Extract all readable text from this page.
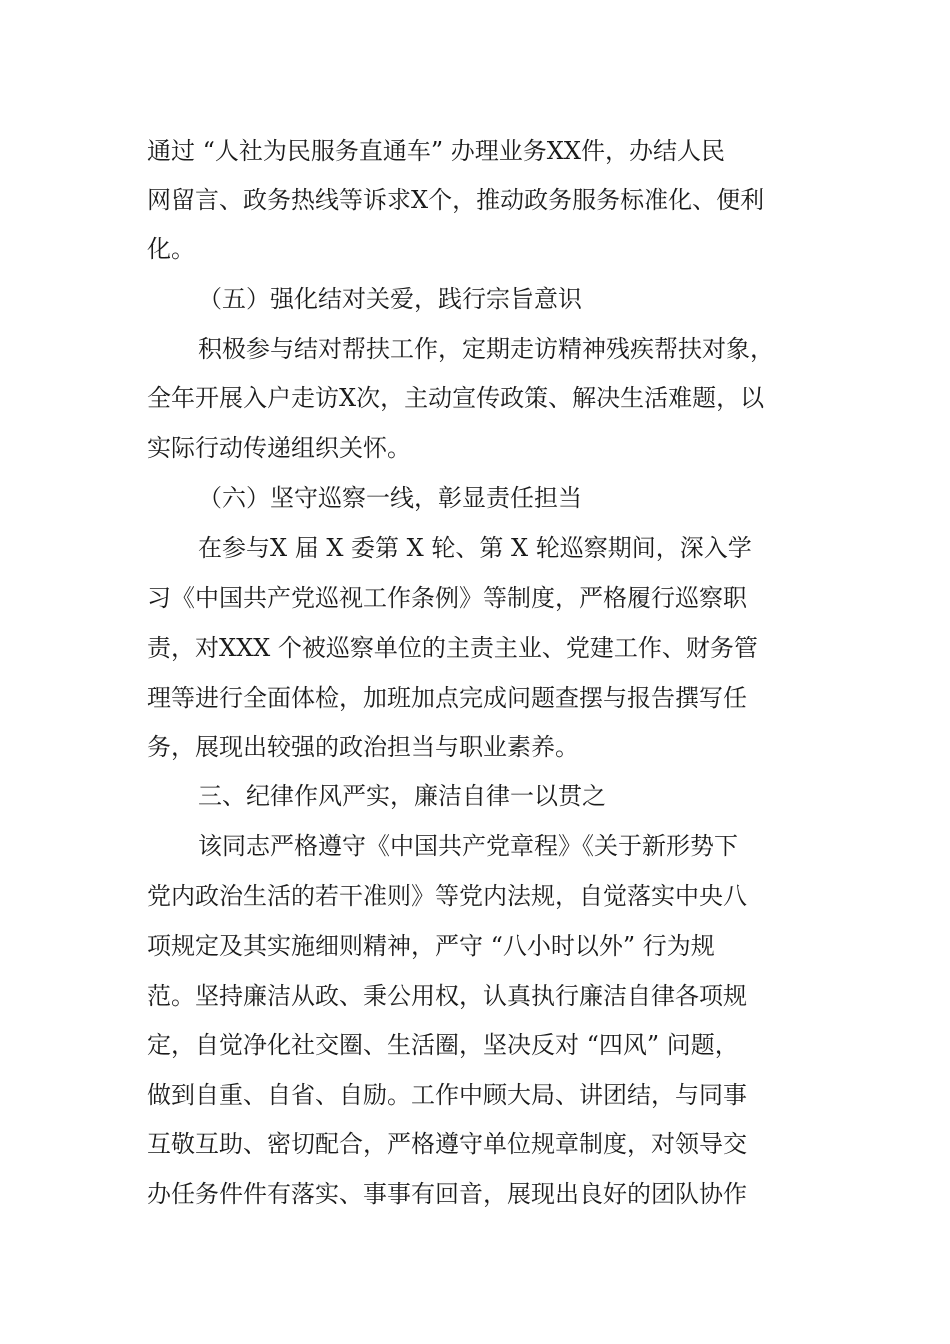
通过 “人社为民服务直通车” 办理业务XX件，办结人民
网留言、政务热线等诉求X个，推动政务服务标准化、便利
化。
（五）强化结对关爱，践行宗旨意识
积极参与结对帮扶工作，定期走访精神残疾帮扶对象，
全年开展入户走访X次，主动宣传政策、解决生活难题，以
实际行动传递组织关怀。
（六）坚守巡察一线，彰显责任担当
在参与X 届 X 委第 X 轮、第 X 轮巡察期间，深入学
习《中国共产党巡视工作条例》等制度，严格履行巡察职
责，对XXX 个被巡察单位的主责主业、党建工作、财务管
理等进行全面体检，加班加点完成问题查摆与报告撰写任
务，展现出较强的政治担当与职业素养。
三、纪律作风严实，廉洁自律一以贯之
该同志严格遵守《中国共产党章程》《关于新形势下
党内政治生活的若干准则》等党内法规，自觉落实中央八
项规定及其实施细则精神，严守 “八小时以外” 行为规
范。坚持廉洁从政、秉公用权，认真执行廉洁自律各项规
定，自觉净化社交圈、生活圈，坚决反对 “四风” 问题，
做到自重、自省、自励。工作中顾大局、讲团结，与同事
互敬互助、密切配合，严格遵守单位规章制度，对领导交
办任务件件有落实、事事有回音，展现出良好的团队协作
